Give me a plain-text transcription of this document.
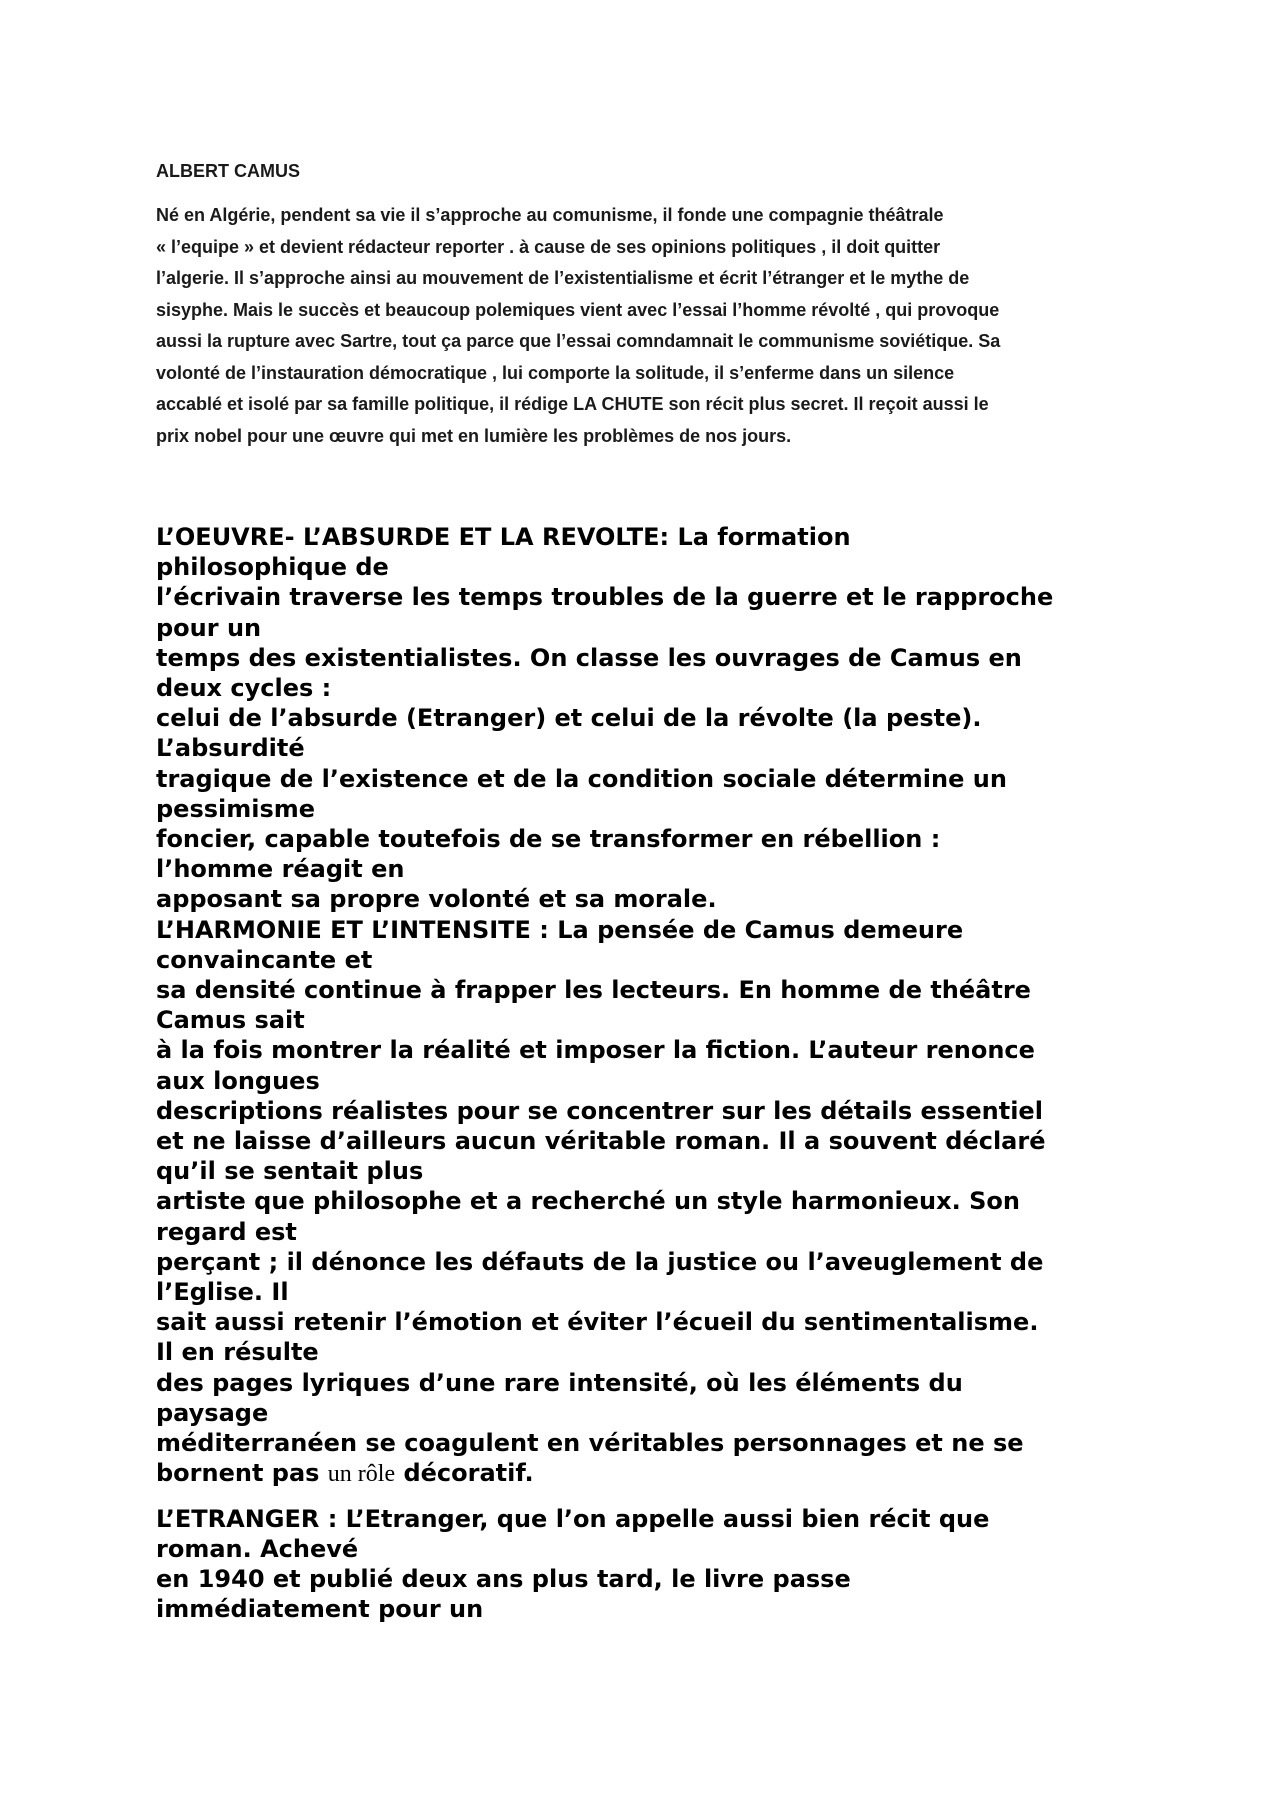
ALBERT CAMUS
Né en Algérie, pendent sa vie il s’approche au comunisme, il fonde une compagnie théâtrale
« l’equipe » et devient rédacteur reporter . à cause de ses opinions politiques , il doit quitter
l’algerie. Il s’approche ainsi au mouvement de l’existentialisme et écrit l’étranger et le mythe de
sisyphe. Mais le succès et beaucoup polemiques vient avec l’essai l’homme révolté , qui provoque
aussi la rupture avec Sartre, tout ça parce que l’essai comndamnait le communisme soviétique. Sa
volonté de l’instauration démocratique , lui comporte la solitude, il s’enferme dans un silence
accablé et isolé par sa famille politique, il rédige LA CHUTE son récit plus secret. Il reçoit aussi le
prix nobel pour une œuvre qui met en lumière les problèmes de nos jours.
L’OEUVRE- L’ABSURDE ET LA REVOLTE: La formation
philosophique de
l’écrivain traverse les temps troubles de la guerre et le rapproche
pour un
temps des existentialistes. On classe les ouvrages de Camus en
deux cycles :
celui de l’absurde (Etranger) et celui de la révolte (la peste).
L’absurdité
tragique de l’existence et de la condition sociale détermine un
pessimisme
foncier, capable toutefois de se transformer en rébellion :
l’homme réagit en
apposant sa propre volonté et sa morale.
L’HARMONIE ET L’INTENSITE : La pensée de Camus demeure
convaincante et
sa densité continue à frapper les lecteurs. En homme de théâtre
Camus sait
à la fois montrer la réalité et imposer la fiction. L’auteur renonce
aux longues
descriptions réalistes pour se concentrer sur les détails essentiel
et ne laisse d’ailleurs aucun véritable roman. Il a souvent déclaré
qu’il se sentait plus
artiste que philosophe et a recherché un style harmonieux. Son
regard est
perçant ; il dénonce les défauts de la justice ou l’aveuglement de
l’Eglise. Il
sait aussi retenir l’émotion et éviter l’écueil du sentimentalisme.
Il en résulte
des pages lyriques d’une rare intensité, où les éléments du
paysage
méditerranéen se coagulent en véritables personnages et ne se
bornent pas un rôle décoratif.
L’ETRANGER : L’Etranger, que l’on appelle aussi bien récit que
roman. Achevé
en 1940 et publié deux ans plus tard, le livre passe
immédiatement pour un
